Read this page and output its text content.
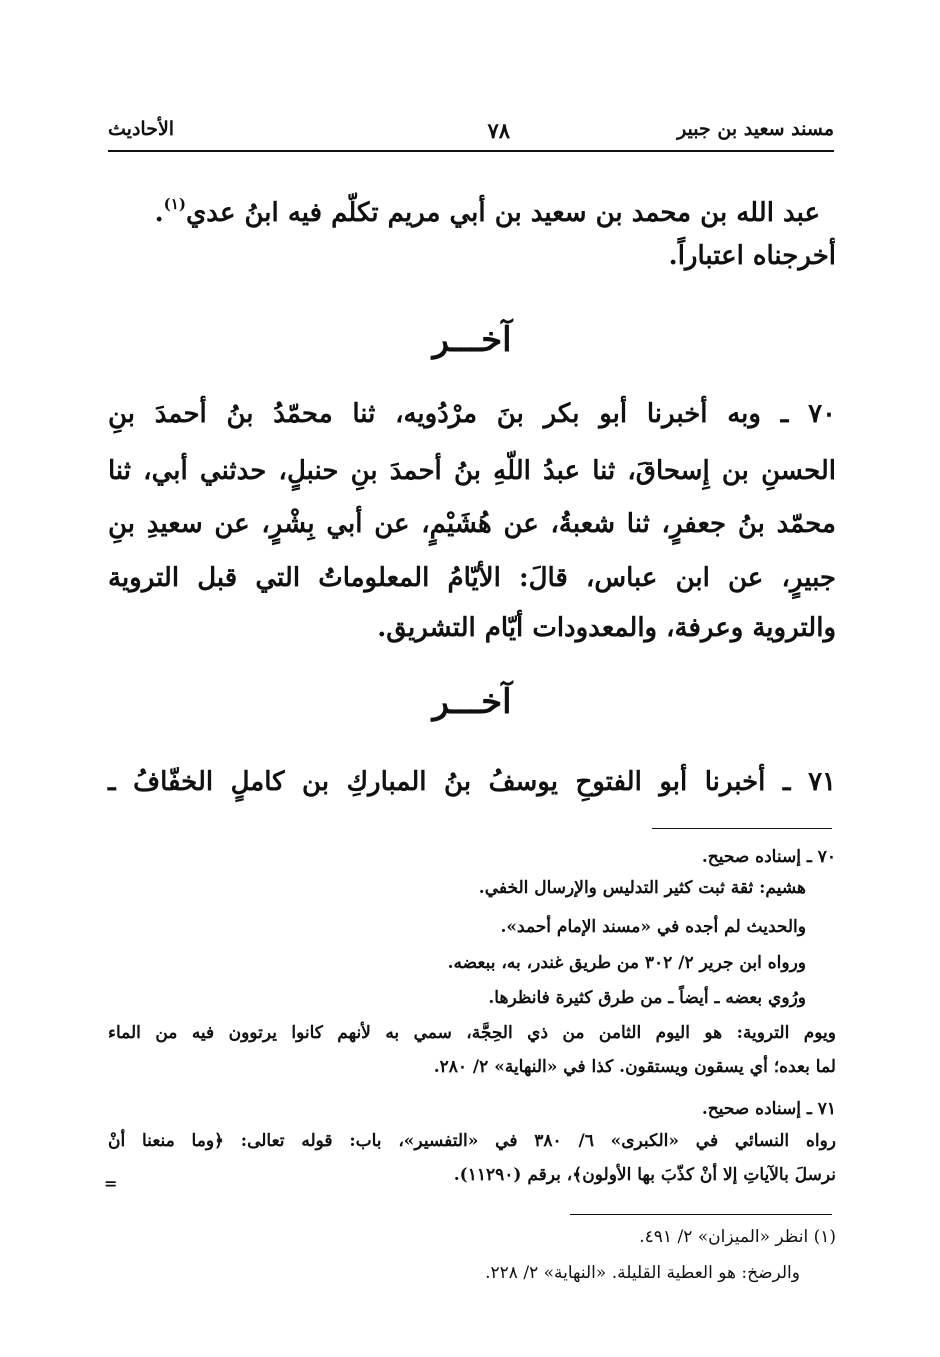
مسند سعيد بن جبير
٧٨
الأحاديث
عبد الله بن محمد بن سعيد بن أبي مريم تكلّم فيه ابنُ عدي$^{(١)}$.
أخرجناه اعتباراً.
آخـــر
٧٠ ـ وبه أخبرنا أبو بكر بنَ مرْدُويه، ثنا محمّدُ بنُ أحمدَ بنِ
الحسنِ بن إِسحاقَ، ثنا عبدُ اللّهِ بنُ أحمدَ بنِ حنبلٍ، حدثني أبي، ثنا
محمّد بنُ جعفرٍ، ثنا شعبةُ، عن هُشَيْمٍ، عن أبي بِشْرٍ، عن سعيدِ بنِ
جبيرٍ، عن ابن عباس، قالَ: الأيّامُ المعلوماتُ التي قبل التروية
والتروية وعرفة، والمعدودات أيّام التشريق.
آخـــر
٧١ ـ أخبرنا أبو الفتوحِ يوسفُ بنُ المباركِ بن كاملٍ الخفّافُ ـ
٧٠ ـ إسناده صحيح.
هشيم: ثقة ثبت كثير التدليس والإرسال الخفي.
والحديث لم أجده في «مسند الإمام أحمد».
ورواه ابن جرير ٢/ ٣٠٢ من طريق غندر، به، ببعضه.
ورُوي بعضه ـ أيضاً ـ من طرق كثيرة فانظرها.
ويوم التروية: هو اليوم الثامن من ذي الحِجَّة، سمي به لأنهم كانوا يرتوون فيه من الماء
لما بعده؛ أي يسقون ويستقون. كذا في «النهاية» ٢/ ٢٨٠.
٧١ ـ إسناده صحيح.
رواه النسائي في «الكبرى» ٦/ ٣٨٠ في «التفسير»، باب: قوله تعالى: ﴿وما منعنا أنْ
نرسلَ بالآياتِ إلا أنْ كذّبَ بها الأولون﴾، برقم (١١٢٩٠).
=
(١) انظر «الميزان» ٢/ ٤٩١.
والرضخ: هو العطية القليلة. «النهاية» ٢/ ٢٢٨.
